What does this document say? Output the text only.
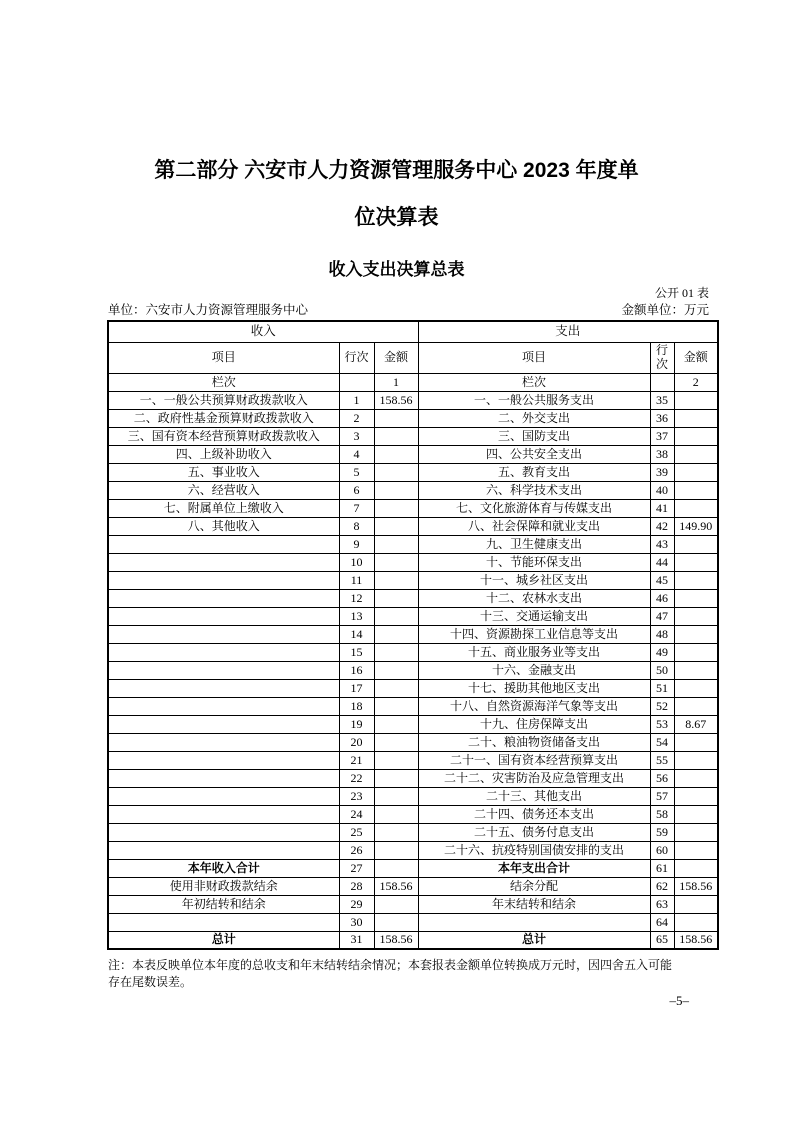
第二部分 六安市人力资源管理服务中心 2023 年度单
位决算表
收入支出决算总表
公开 01 表
单位：六安市人力资源管理服务中心	金额单位：万元
收入			支出		
项目	行次	金额	项目	行次	金额
栏次		1	栏次		2
一、一般公共预算财政拨款收入	1	158.56	一、一般公共服务支出	35	
二、政府性基金预算财政拨款收入	2		二、外交支出	36	
三、国有资本经营预算财政拨款收入	3		三、国防支出	37	
四、上级补助收入	4		四、公共安全支出	38	
五、事业收入	5		五、教育支出	39	
六、经营收入	6		六、科学技术支出	40	
七、附属单位上缴收入	7		七、文化旅游体育与传媒支出	41	
八、其他收入	8		八、社会保障和就业支出	42	149.90
	9		九、卫生健康支出	43	
	10		十、节能环保支出	44	
	11		十一、城乡社区支出	45	
	12		十二、农林水支出	46	
	13		十三、交通运输支出	47	
	14		十四、资源勘探工业信息等支出	48	
	15		十五、商业服务业等支出	49	
	16		十六、金融支出	50	
	17		十七、援助其他地区支出	51	
	18		十八、自然资源海洋气象等支出	52	
	19		十九、住房保障支出	53	8.67
	20		二十、粮油物资储备支出	54	
	21		二十一、国有资本经营预算支出	55	
	22		二十二、灾害防治及应急管理支出	56	
	23		二十三、其他支出	57	
	24		二十四、债务还本支出	58	
	25		二十五、债务付息支出	59	
	26		二十六、抗疫特别国债安排的支出	60	
本年收入合计	27		本年支出合计	61	
使用非财政拨款结余	28	158.56	结余分配	62	158.56
年初结转和结余	29		年末结转和结余	63	
	30			64	
总计	31	158.56	总计	65	158.56
注：本表反映单位本年度的总收支和年末结转结余情况；本套报表金额单位转换成万元时，因四舍五入可能
存在尾数误差。
–5–
